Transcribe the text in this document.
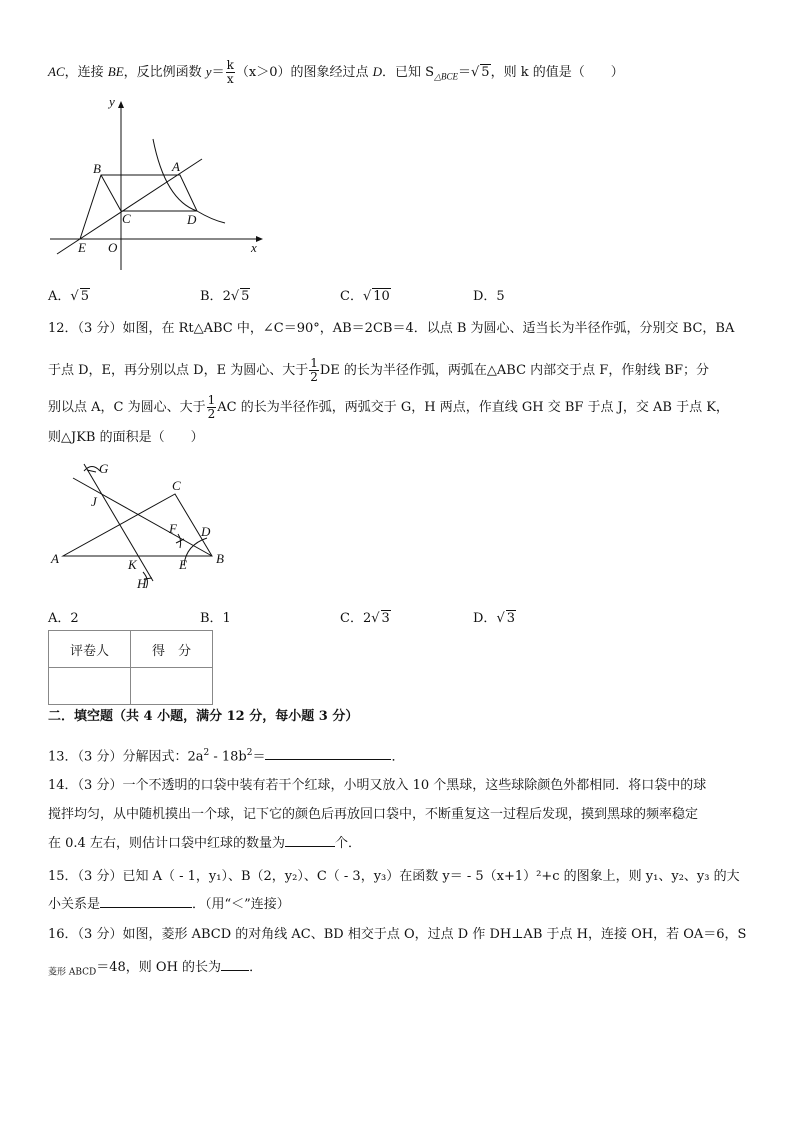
AC，连接 BE，反比例函数 $y= \frac{k}{x} (x>0)$的图象经过点 D．已知 $S_{\triangle BCE}=√$ 5，则 k 的值是（　　）
y
x
B	A
C	D
E O
G
J
C
F D
A	K	E B
H
A．√ 5	B．2√ 5	C．√ 10	D．5
12．（3 分）如图，在 Rt△ABC 中，∠C＝90°，AB＝2CB＝4．以点 B 为圆心、适当长为半径作弧，分别交 BC，BA
于点 D，E，再分别以点 D，E 为圆心、大于 $\frac{1}{2}$ DE 的长为半径作弧，两弧在△ABC 内部交于点 F，作射线 BF；分
别以点 A，C 为圆心、大于 $\frac{1}{2}$ AC 的长为半径作弧，两弧交于 G，H 两点，作直线 GH 交 BF 于点 J，交 AB 于点 K，
则△JKB 的面积是（　　）
A．2	B．1	C．2√ 3	D．√ 3
评卷人	得　分

二．填空题（共 4 小题，满分 12 分，每小题 3 分）
13．（3 分）分解因式：$2a^2 - 18b^2=$	．
14．（3 分）一个不透明的口袋中装有若干个红球，小明又放入 10 个黑球，这些球除颜色外都相同．将口袋中的球
搅拌均匀，从中随机摸出一个球，记下它的颜色后再放回口袋中，不断重复这一过程后发现，摸到黑球的频率稳定
在 0.4 左右，则估计口袋中红球的数量为	个．
15．（3 分）已知 A（ - 1，y₁）、B（2，y₂）、C（ - 3，y₃）在函数 y＝ - 5（x+1）²+c 的图象上，则 y₁、y₂、y₃ 的大
小关系是	．（用“＜”连接）
16．（3 分）如图，菱形 ABCD 的对角线 AC、BD 相交于点 O，过点 D 作 DH⊥AB 于点 H，连接 OH，若 OA＝6，S
$_{菱形 ABCD}$＝48，则 OH 的长为 ．
